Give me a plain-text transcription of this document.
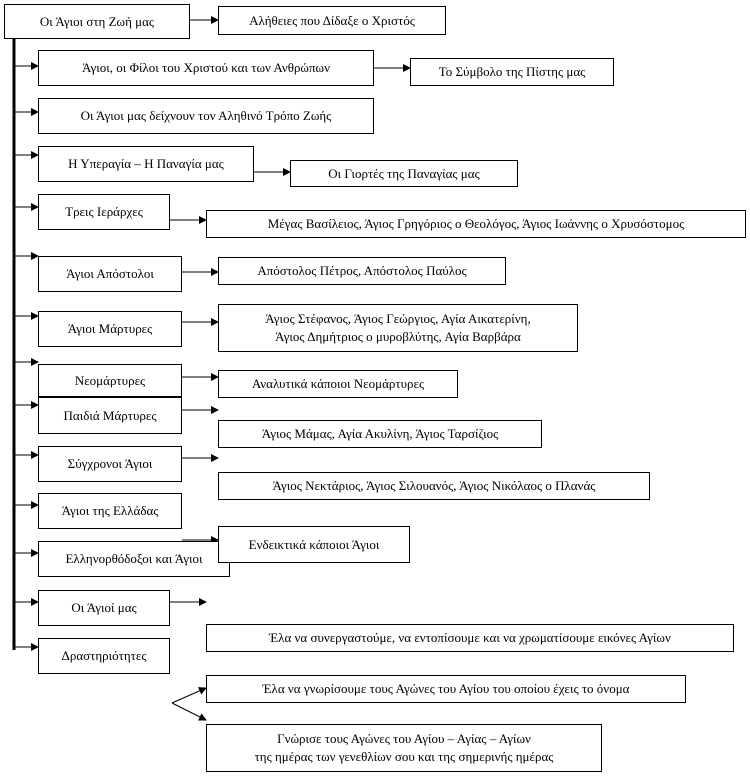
Οι Άγιοι στη Ζωή μας	Αλήθειες που Δίδαξε ο Χριστός
Άγιοι, οι Φίλοι του Χριστού και των Ανθρώπων
Οι Άγιοι μας δείχνουν τον Αληθινό Τρόπο Ζωής
Η Υπεραγία – Η Παναγία μας
Τρεις Ιεράρχες
Άγιοι Απόστολοι
Άγιοι Μάρτυρες
Νεομάρτυρες
Παιδιά Μάρτυρες
Σύγχρονοι Άγιοι
Άγιοι της Ελλάδας
Ελληνορθόδοξοι και Άγιοι
Οι Άγιοί μας
Δραστηριότητες
Το Σύμβολο της Πίστης μας
Οι Γιορτές της Παναγίας μας
Μέγας Βασίλειος, Άγιος Γρηγόριος ο Θεολόγος, Άγιος Ιωάννης ο Χρυσόστομος
Απόστολος Πέτρος, Απόστολος Παύλος
Άγιος Στέφανος, Άγιος Γεώργιος, Αγία Αικατερίνη,
Άγιος Δημήτριος ο μυροβλύτης, Αγία Βαρβάρα
Αναλυτικά κάποιοι Νεομάρτυρες
Άγιος Μάμας, Αγία Ακυλίνη, Άγιος Ταρσίζιος
Άγιος Νεκτάριος, Άγιος Σιλουανός, Άγιος Νικόλαος ο Πλανάς
Ενδεικτικά κάποιοι Άγιοι
Έλα να συνεργαστούμε, να εντοπίσουμε και να χρωματίσουμε εικόνες Αγίων
Έλα να γνωρίσουμε τους Αγώνες του Αγίου του οποίου έχεις το όνομα
Γνώρισε τους Αγώνες του Αγίου – Αγίας – Αγίων
της ημέρας των γενεθλίων σου και της σημερινής ημέρας
